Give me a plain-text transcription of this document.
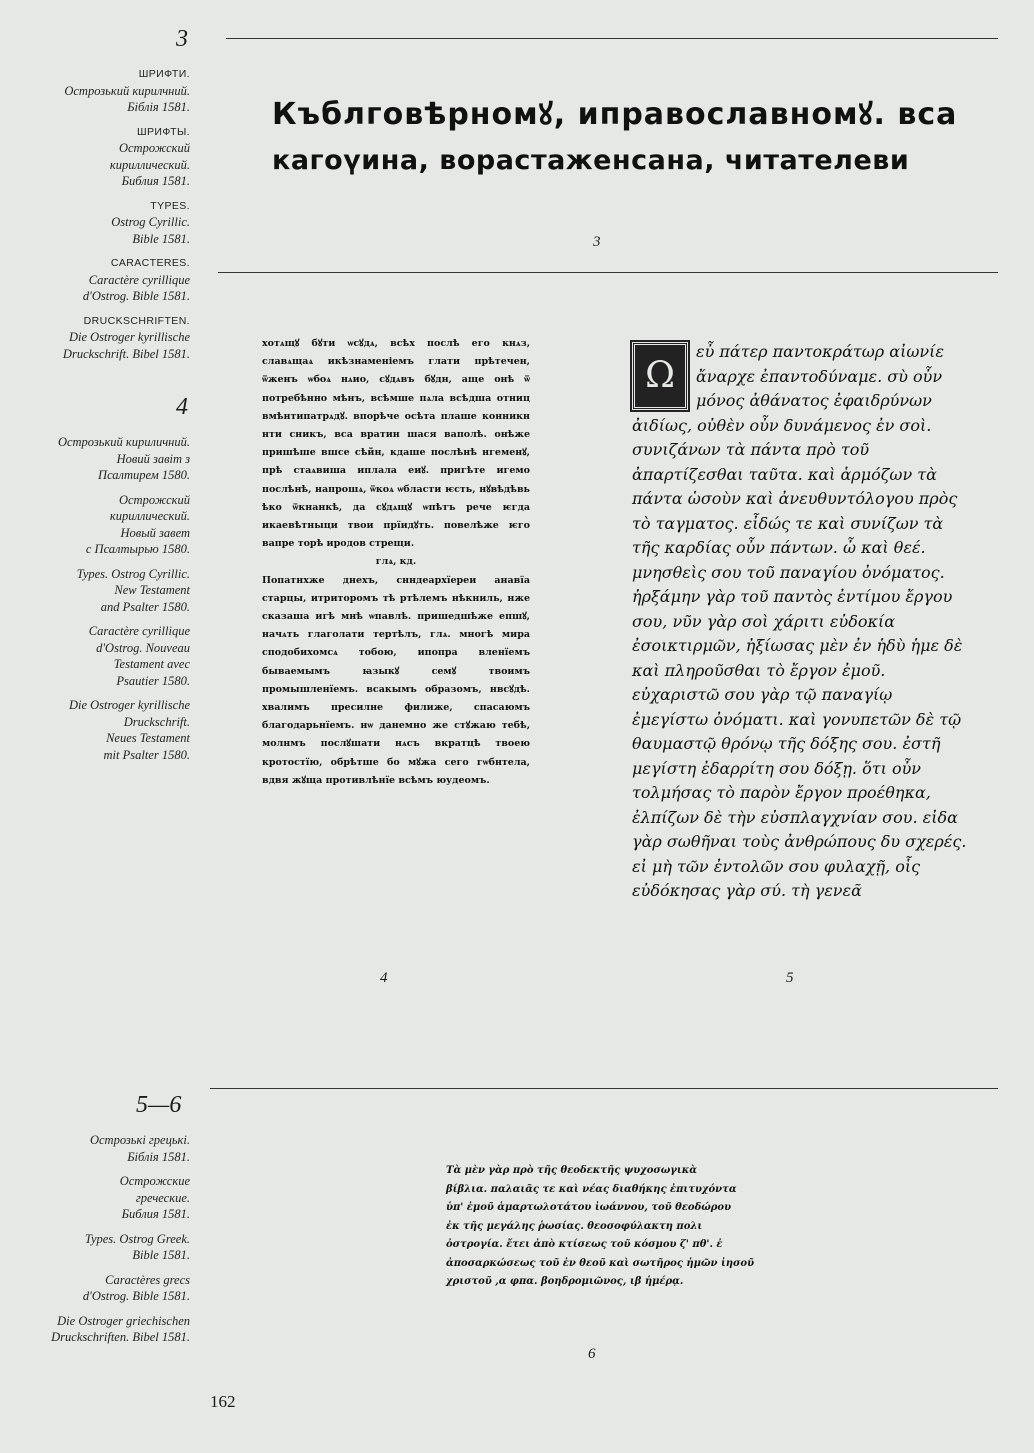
3
ШРИФТИ.
Острозький кирилчний.
Біблія 1581.
ШРИФТЫ.
Острожский
кириллический.
Библия 1581.
TYPES.
Ostrog Cyrillic.
Bible 1581.
CARACTERES.
Caractère cyrillique
d'Ostrog. Bible 1581.
DRUCKSCHRIFTEN.
Die Ostroger kyrillische
Druckschrift. Bibel 1581.
Къблговѣрномꙋ, ипрaвославномꙋ. вса
кагоүина, ворастаженсана, читателеви
3
4
Острозький кириличний.
Новий завіт з
Псалтирем 1580.
Острожский
кириллический.
Новый завет
с Псалтырью 1580.
Types. Ostrog Cyrillic.
New Testament
and Psalter 1580.
Caractère cyrillique
d'Ostrog. Nouveau
Testament avec
Psautier 1580.
Die Ostroger kyrillische
Druckschrift.
Neues Testament
mit Psalter 1580.

хотѧщꙋ бꙋти ѡсꙋдѧ, всѣх послѣ его кнѧз, славѧщаѧ икѣзнаменіемъ глати прѣтечен, ѿженъ ѡбоѧ нѧио, сꙋдѧвъ бꙋдн, аще онѣ ѿ потребѣнно мѣнъ, всѣмше пѧла всѣдша отниц вмѣнтипатрѧдꙋ. впорѣче осѣта плаше конникн нти сникъ, вса вратин шася ваполѣ. онѣже пришѣше вшсе сѣйн, кдаше послѣнѣ нгеменꙋ, прѣ стаѧвиша иплала еиꙋ. пригѣте игемо послѣнѣ, напрошѧ, ѿкоѧ ѡбласти ѥсть, нꙋвѣдѣвь ѣко ѿкнанкѣ, да сꙋдѧщꙋ ѡпѣтъ рече ѥгда икаевѣтныци твои прїидꙋть. повелѣже ѥго вапре торѣ иродов стрещи.

глѧ, кд.

Попатнхже днехъ, снндеархїереи анавїа старцы, итриторомъ тѣ ртѣлемъ нѣкниль, нже сказаша игѣ мнѣ ѡпавлѣ. пришедшѣже епшꙋ, начѧть глаголати тертѣлъ, глѧ. многѣ мира сподобихомсѧ тобою, ипопра вленїемъ бываемымъ ꙗзыкꙋ семꙋ твоимъ промышленїемъ. всакымъ образомъ, нвсꙋдѣ. хвалимъ пресилне филиже, спасаюмъ благодарьнїемъ. нѡ данемно же стꙋжаю тебѣ, молнмъ послꙋшати нѧсъ вкратцѣ твоею кротостїю, обрѣтше бо мꙋжа сего гѡбнтела, вдвя жꙋща противлѣнїе всѣмъ юудеомъ.

4
Ω

εὖ πάτερ παντοκράτωρ αἰωνίε ἄναρχε ἐπαντοδύναμε. σὺ οὖν μόνος ἀθάνατος ἐφαιδρύνων ἀιδίως, οὐθὲν οὖν δυνάμενος ἐν σοὶ. συνιζάνων τὰ πάντα πρὸ τοῦ ἀπαρτίζεσθαι ταῦτα. καὶ ἁρμόζων τὰ πάντα ὡσοὺν καὶ ἀνευθυντόλογου πρὸς τὸ ταγματος. εἶδώς τε καὶ συνίζων τὰ τῆς καρδίας οὖν πάντων. ὦ καὶ θεέ. μνησθεὶς σου τοῦ παναγίου ὀνόματος. ἠρξάμην γὰρ τοῦ παντὸς ἐντίμου ἔργου σου, νῦν γὰρ σοὶ χάριτι εὐδοκία ἐσοικτιρμῶν, ἠξίωσας μὲν ἐν ἡδὺ ἡμε δὲ καὶ πληροῦσθαι τὸ ἔργον ἐμοῦ. εὐχαριστῶ σου γὰρ τῷ παναγίῳ ἐμεγίστω ὀνόματι. καὶ γονυπετῶν δὲ τῷ θαυμαστῷ θρόνῳ τῆς δόξης σου. ἐστῆ μεγίστη ἐδαρρίτη σου δόξῃ. ὅτι οὖν τολμήσας τὸ παρὸν ἔργον προέθηκα, ἐλπίζων δὲ τὴν εὐσπλαγχνίαν σου. εἰδα γὰρ σωθῆναι τοὺς ἀνθρώπους δυ σχερές. εἰ μὴ τῶν ἐντολῶν σου φυλαχῇ, οἷς εὐδόκησας γὰρ σύ. τὴ γενεᾶ

5
5—6
Острозькі грецькі.
Біблія 1581.
Острожские
греческие.
Библия 1581.
Types. Ostrog Greek.
Bible 1581.
Caractères grecs
d'Ostrog. Bible 1581.
Die Ostroger griechischen
Druckschriften. Bibel 1581.

Τὰ μὲν γὰρ πρὸ τῆς θεοδεκτῆς ψυχοσωγικὰ

βίβλια. παλαιᾶς τε καὶ νέας διαθήκης ἐπιτυχόντα

ὑπ' ἐμοῦ ἁμαρτωλοτάτου ἰωάννου, τοῦ θεοδώρου

ἐκ τῆς μεγάλης ῥωσίας. θεοσοφύλακτη πολι

ὀστρογία. ἔτει ἀπὸ κτίσεως τοῦ κόσμου ζ' πθ'. ἐ

ἀποσαρκώσεως τοῦ ἐν θεοῦ καὶ σωτῆρος ἡμῶν ἰησοῦ

χριστοῦ ,α φπα. βοηδρομιῶνος, ιβ ἡμέρᾳ.

6
162
